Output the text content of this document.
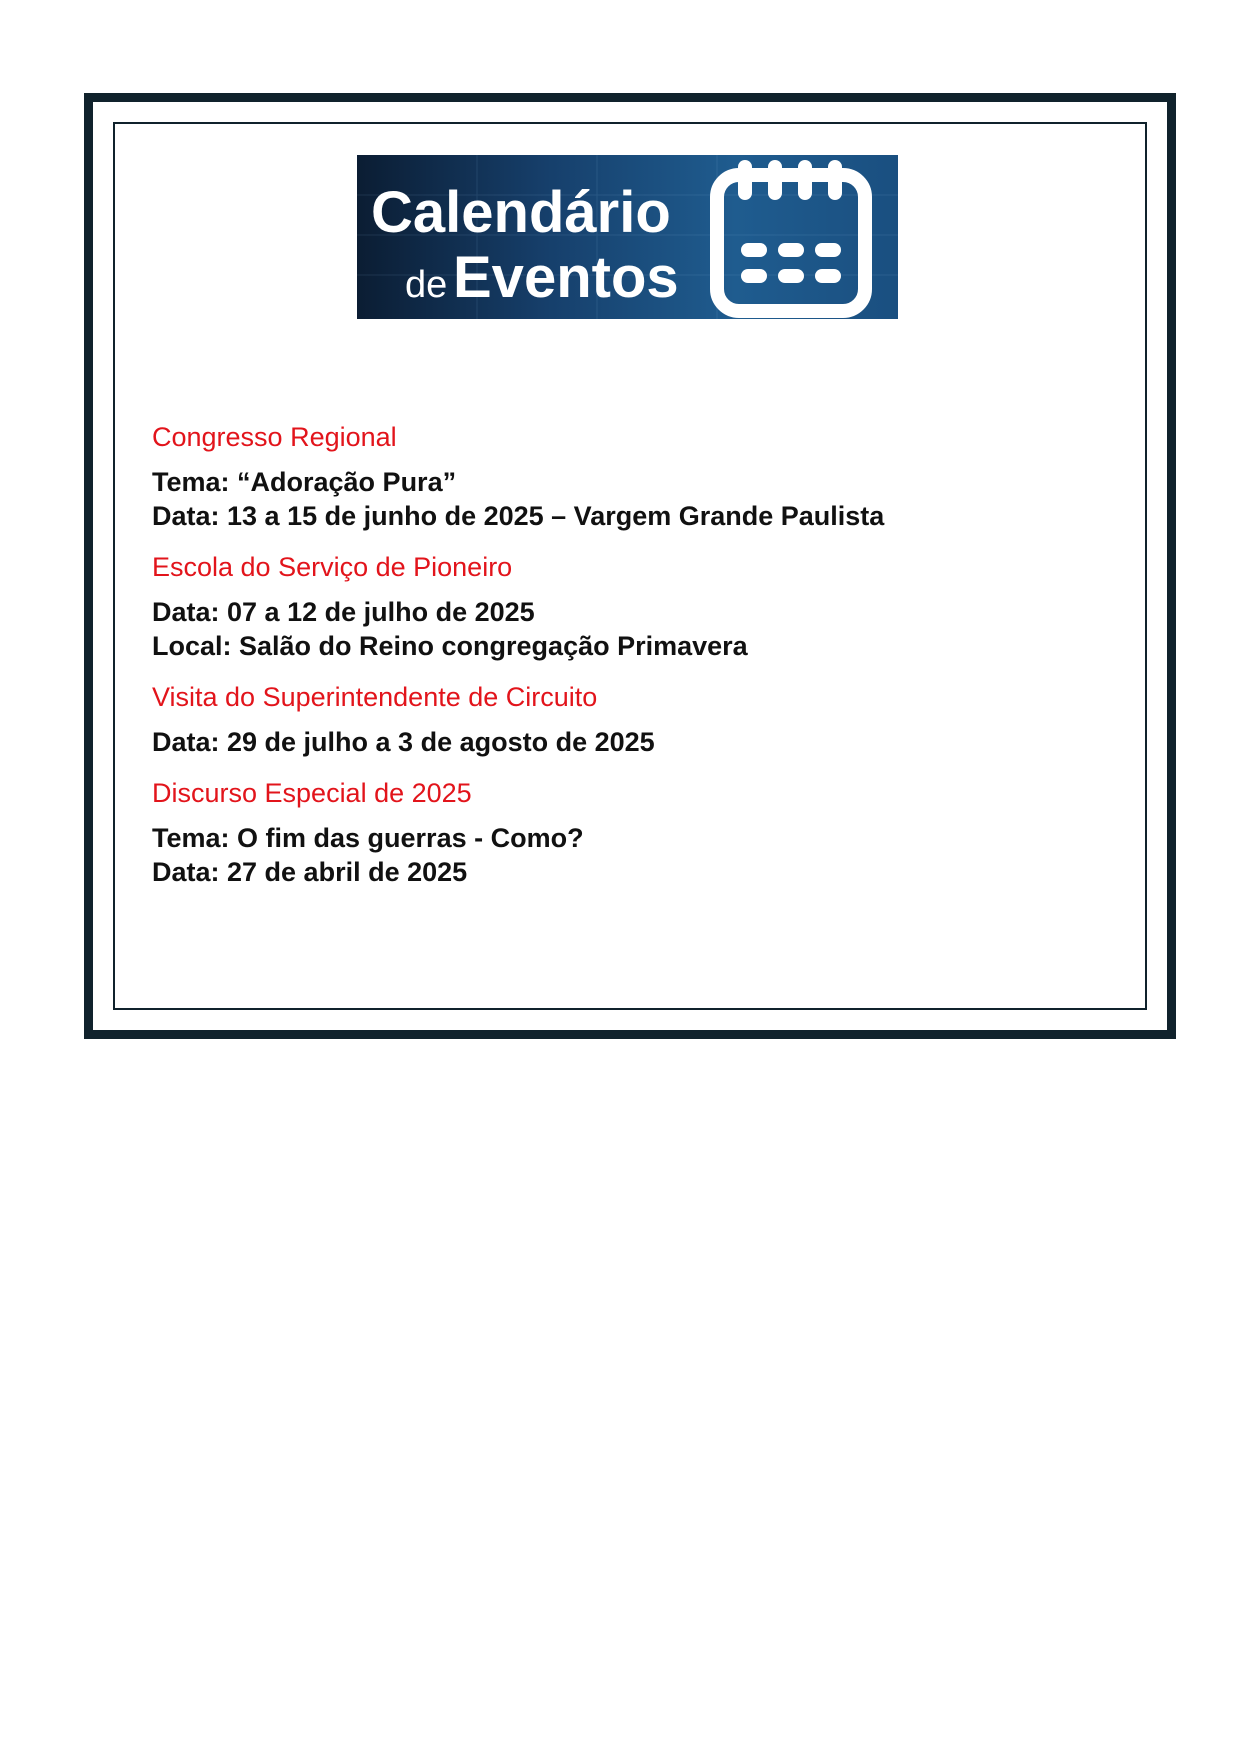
Calendário
de Eventos
Congresso Regional
Tema: “Adoração Pura”
Data: 13 a 15 de junho de 2025 – Vargem Grande Paulista
Escola do Serviço de Pioneiro
Data: 07 a 12 de julho de 2025
Local: Salão do Reino congregação Primavera
Visita do Superintendente de Circuito
Data: 29 de julho a 3 de agosto de 2025
Discurso Especial de 2025
Tema: O fim das guerras - Como?
Data: 27 de abril de 2025
